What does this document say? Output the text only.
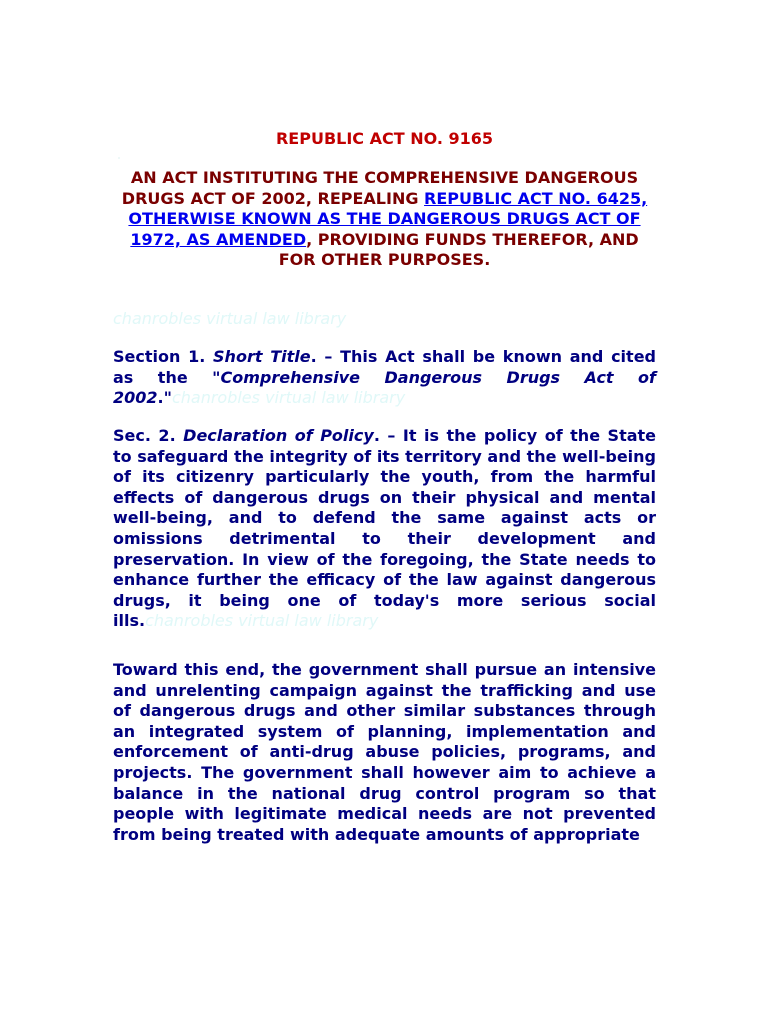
REPUBLIC ACT NO. 9165
AN ACT INSTITUTING THE COMPREHENSIVE DANGEROUS DRUGS ACT OF 2002, REPEALING REPUBLIC ACT NO. 6425, OTHERWISE KNOWN AS THE DANGEROUS DRUGS ACT OF 1972, AS AMENDED, PROVIDING FUNDS THEREFOR, AND FOR OTHER PURPOSES.
chanrobles virtual law library
Section 1. Short Title. – This Act shall be known and cited as the "Comprehensive Dangerous Drugs Act of 2002."chanrobles virtual law library
Sec. 2. Declaration of Policy. – It is the policy of the State to safeguard the integrity of its territory and the well-being of its citizenry particularly the youth, from the harmful effects of dangerous drugs on their physical and mental well-being, and to defend the same against acts or omissions detrimental to their development and preservation. In view of the foregoing, the State needs to enhance further the efficacy of the law against dangerous drugs, it being one of today's more serious social ills.chanrobles virtual law library
Toward this end, the government shall pursue an intensive and unrelenting campaign against the trafficking and use of dangerous drugs and other similar substances through an integrated system of planning, implementation and enforcement of anti-drug abuse policies, programs, and projects. The government shall however aim to achieve a balance in the national drug control program so that people with legitimate medical needs are not prevented from being treated with adequate amounts of appropriate
